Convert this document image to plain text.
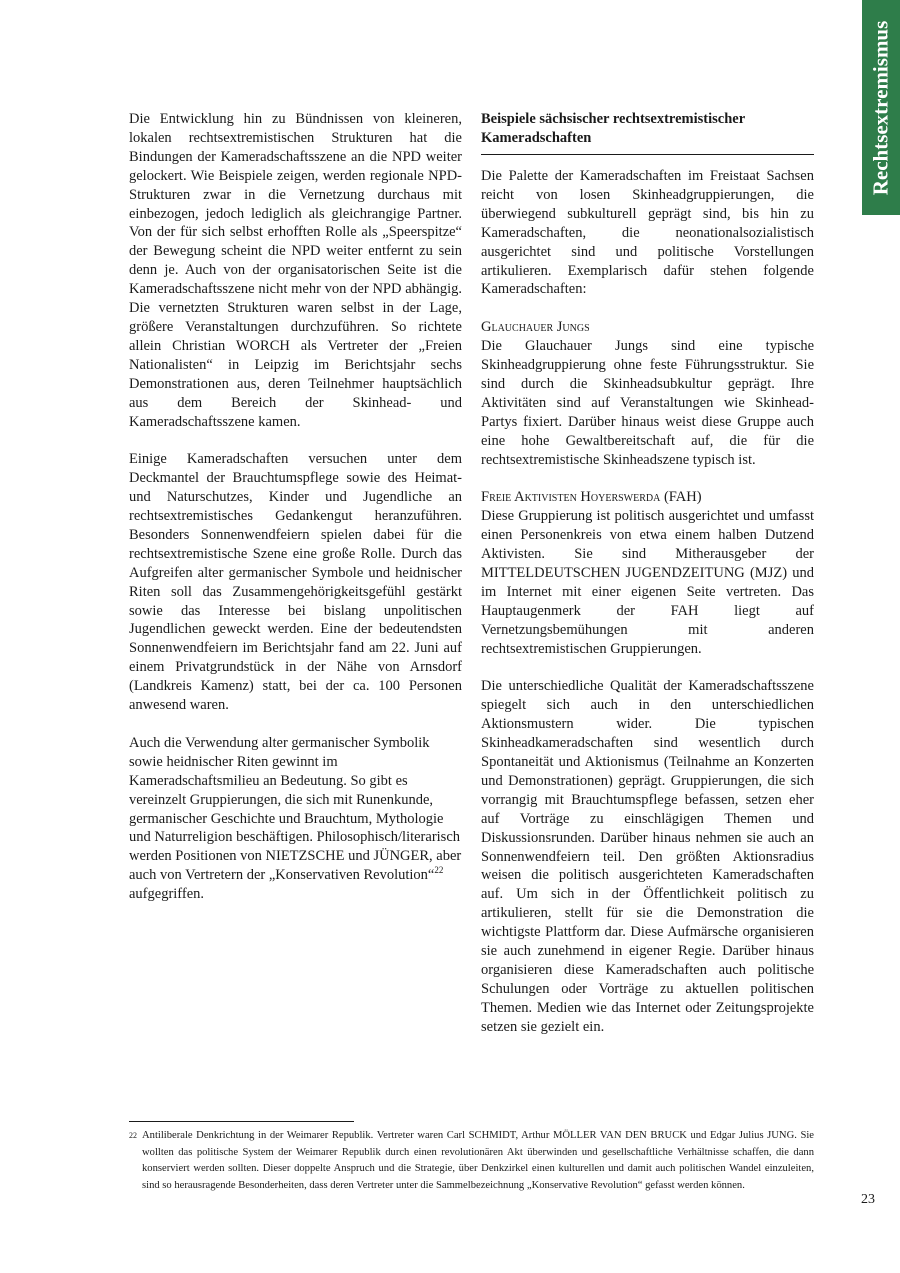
Rechtsextremismus

Die Entwicklung hin zu Bündnissen von kleineren, lokalen rechtsextremistischen Strukturen hat die Bindungen der Kameradschaftsszene an die NPD weiter gelockert. Wie Beispiele zeigen, werden regionale NPD-Strukturen zwar in die Vernetzung durchaus mit einbezogen, jedoch lediglich als gleichrangige Partner. Von der für sich selbst erhofften Rolle als „Speerspitze“ der Bewegung scheint die NPD weiter entfernt zu sein denn je. Auch von der organisatorischen Seite ist die Kameradschaftsszene nicht mehr von der NPD abhängig. Die vernetzten Strukturen waren selbst in der Lage, größere Veranstaltungen durchzuführen. So richtete allein Christian WORCH als Vertreter der „Freien Nationalisten“ in Leipzig im Berichtsjahr sechs Demonstrationen aus, deren Teilnehmer hauptsächlich aus dem Bereich der Skinhead- und Kameradschaftsszene kamen.

Einige Kameradschaften versuchen unter dem Deckmantel der Brauchtumspflege sowie des Heimat- und Naturschutzes, Kinder und Jugendliche an rechtsextremistisches Gedankengut heranzuführen. Besonders Sonnenwendfeiern spielen dabei für die rechtsextremistische Szene eine große Rolle. Durch das Aufgreifen alter germanischer Symbole und heidnischer Riten soll das Zusammengehörigkeitsgefühl gestärkt sowie das Interesse bei bislang unpolitischen Jugendlichen geweckt werden. Eine der bedeutendsten Sonnenwendfeiern im Berichtsjahr fand am 22. Juni auf einem Privatgrundstück in der Nähe von Arnsdorf (Landkreis Kamenz) statt, bei der ca. 100 Personen anwesend waren.

Auch die Verwendung alter germanischer Symbolik sowie heidnischer Riten gewinnt im Kameradschaftsmilieu an Bedeutung. So gibt es vereinzelt Gruppierungen, die sich mit Runenkunde, germanischer Geschichte und Brauchtum, Mythologie und Naturreligion beschäftigen. Philosophisch/literarisch werden Positionen von NIETZSCHE und JÜNGER, aber auch von Vertretern der „Konservativen Revolution“$^{22}$ aufgegriffen.

Beispiele sächsischer rechtsextremistischer Kameradschaften

Die Palette der Kameradschaften im Freistaat Sachsen reicht von losen Skinheadgruppierungen, die überwiegend subkulturell geprägt sind, bis hin zu Kameradschaften, die neonationalsozialistisch ausgerichtet sind und politische Vorstellungen artikulieren. Exemplarisch dafür stehen folgende Kameradschaften:

Glauchauer Jungs

Die Glauchauer Jungs sind eine typische Skinheadgruppierung ohne feste Führungsstruktur. Sie sind durch die Skinheadsubkultur geprägt. Ihre Aktivitäten sind auf Veranstaltungen wie Skinhead-Partys fixiert. Darüber hinaus weist diese Gruppe auch eine hohe Gewaltbereitschaft auf, die für die rechtsextremistische Skinheadszene typisch ist.

Freie Aktivisten Hoyerswerda (FAH)

Diese Gruppierung ist politisch ausgerichtet und umfasst einen Personenkreis von etwa einem halben Dutzend Aktivisten. Sie sind Mitherausgeber der MITTELDEUTSCHEN JUGENDZEITUNG (MJZ) und im Internet mit einer eigenen Seite vertreten. Das Hauptaugenmerk der FAH liegt auf Vernetzungsbemühungen mit anderen rechtsextremistischen Gruppierungen.

Die unterschiedliche Qualität der Kameradschaftsszene spiegelt sich auch in den unterschiedlichen Aktionsmustern wider. Die typischen Skinheadkameradschaften sind wesentlich durch Spontaneität und Aktionismus (Teilnahme an Konzerten und Demonstrationen) geprägt. Gruppierungen, die sich vorrangig mit Brauchtumspflege befassen, setzen eher auf Vorträge zu einschlägigen Themen und Diskussionsrunden. Darüber hinaus nehmen sie auch an Sonnenwendfeiern teil. Den größten Aktionsradius weisen die politisch ausgerichteten Kameradschaften auf. Um sich in der Öffentlichkeit politisch zu artikulieren, stellt für sie die Demonstration die wichtigste Plattform dar. Diese Aufmärsche organisieren sie auch zunehmend in eigener Regie. Darüber hinaus organisieren diese Kameradschaften auch politische Schulungen oder Vorträge zu aktuellen politischen Themen. Medien wie das Internet oder Zeitungsprojekte setzen sie gezielt ein.

$^{22}$ Antiliberale Denkrichtung in der Weimarer Republik. Vertreter waren Carl SCHMIDT, Arthur MÖLLER VAN DEN BRUCK und Edgar Julius JUNG. Sie wollten das politische System der Weimarer Republik durch einen revolutionären Akt überwinden und gesellschaftliche Verhältnisse schaffen, die dann konserviert werden sollten. Dieser doppelte Anspruch und die Strategie, über Denkzirkel einen kulturellen und damit auch politischen Wandel einzuleiten, sind so herausragende Besonderheiten, dass deren Vertreter unter die Sammelbezeichnung „Konservative Revolution“ gefasst werden können.
23
